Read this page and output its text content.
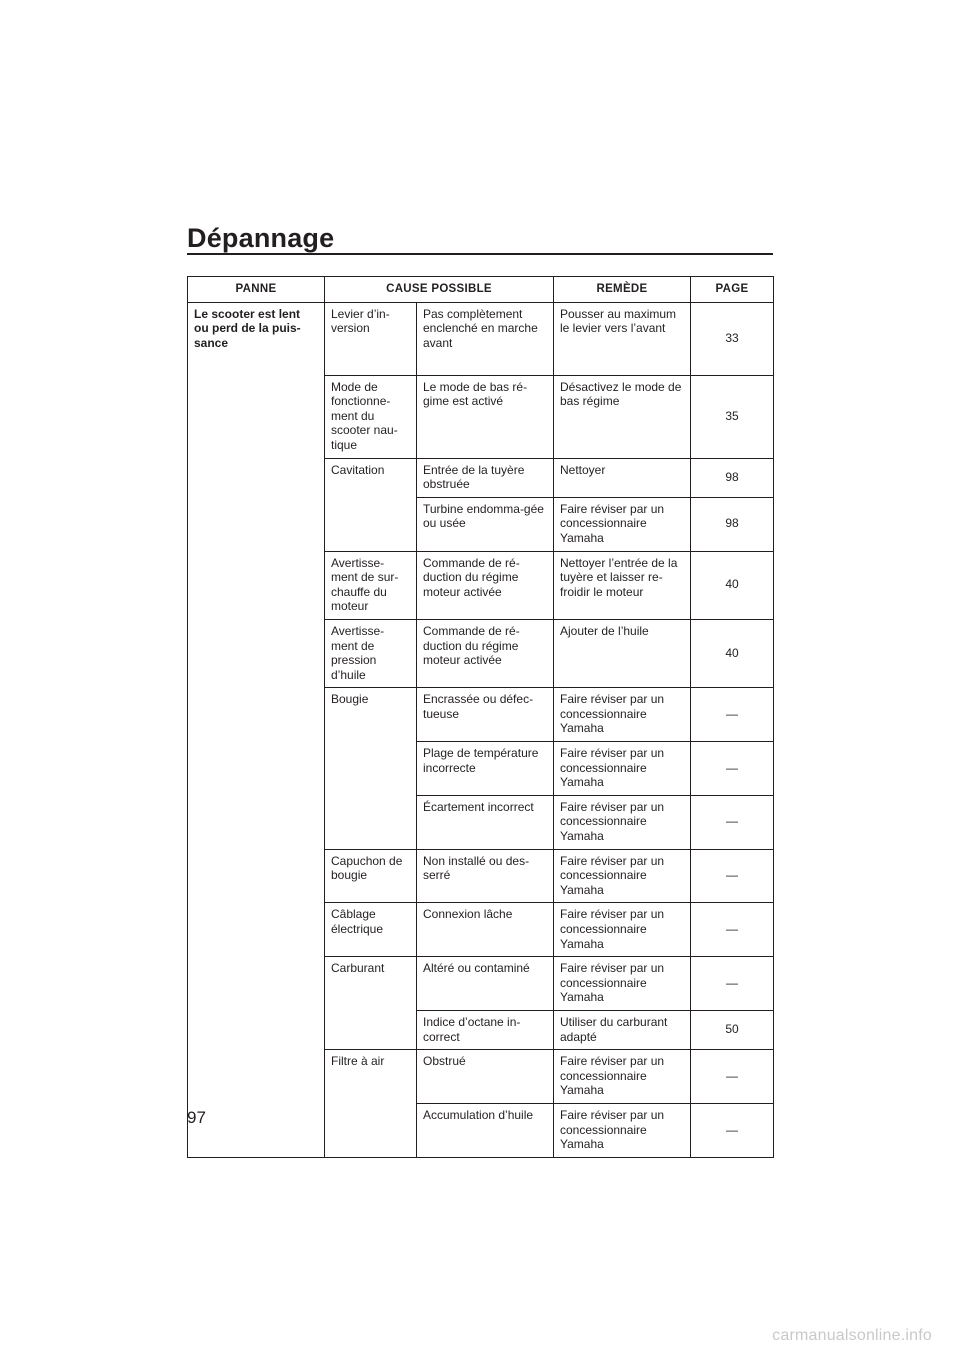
Dépannage
PANNE	CAUSE POSSIBLE		REMÈDE	PAGE
Le scooter est lent ou perd de la puis-sance	Levier d’in-version	Pas complètement enclenché en marche avant	Pousser au maximum le levier vers l’avant	33
	Mode de fonctionne-ment du scooter nau-tique	Le mode de bas ré-gime est activé	Désactivez le mode de bas régime	35
	Cavitation	Entrée de la tuyère obstruée	Nettoyer	98
		Turbine endomma-gée ou usée	Faire réviser par un concessionnaire Yamaha	98
	Avertisse-ment de sur-chauffe du moteur	Commande de ré-duction du régime moteur activée	Nettoyer l’entrée de la tuyère et laisser re-froidir le moteur	40
	Avertisse-ment de pression d’huile	Commande de ré-duction du régime moteur activée	Ajouter de l’huile	40
	Bougie	Encrassée ou défec-tueuse	Faire réviser par un concessionnaire Yamaha	—
		Plage de température incorrecte	Faire réviser par un concessionnaire Yamaha	—
		Écartement incorrect	Faire réviser par un concessionnaire Yamaha	—
	Capuchon de bougie	Non installé ou des-serré	Faire réviser par un concessionnaire Yamaha	—
	Câblage électrique	Connexion lâche	Faire réviser par un concessionnaire Yamaha	—
	Carburant	Altéré ou contaminé	Faire réviser par un concessionnaire Yamaha	—
		Indice d’octane in-correct	Utiliser du carburant adapté	50
	Filtre à air	Obstrué	Faire réviser par un concessionnaire Yamaha	—
		Accumulation d’huile	Faire réviser par un concessionnaire Yamaha	—
97
carmanualsonline.info
